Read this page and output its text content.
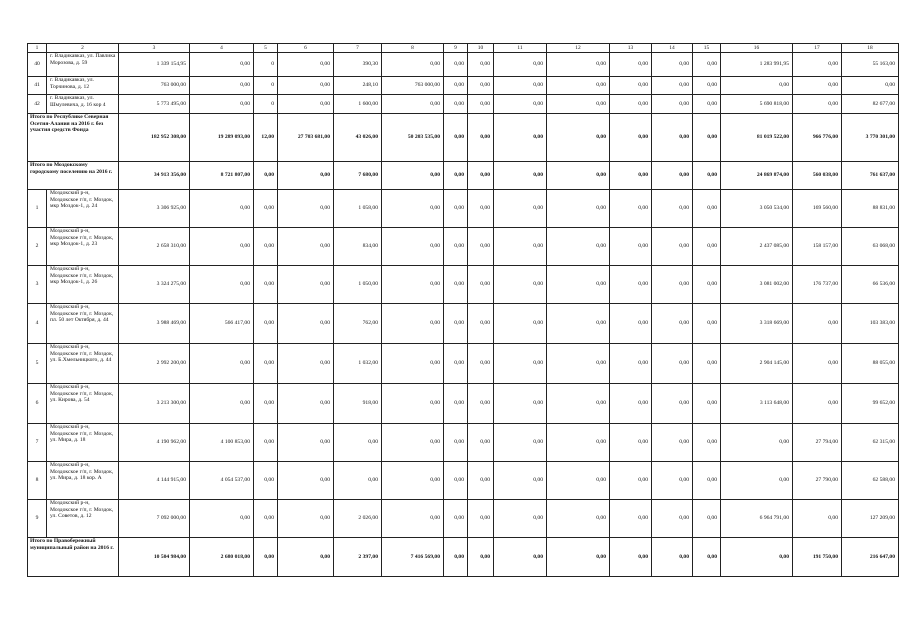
1	2	3	4	5	6	7	8	9	10	11	12	13	14	15	16	17	18
40	г. Владикавказ, ул. Павлика Морозова, д. 59	1 339 154,95	0,00	0	0,00	390,30	0,00	0,00	0,00	0,00	0,00	0,00	0,00	0,00	1 283 991,95	0,00	55 163,00
41	г. Владикавказ, ул. Торчинова, д. 12	763 000,00	0,00	0	0,00	248,10	763 000,00	0,00	0,00	0,00	0,00	0,00	0,00	0,00	0,00	0,00	0,00
42	г. Владикавказ, ул. Шмулевича, д. 16 кор 4	5 773 495,00	0,00	0	0,00	1 600,00	0,00	0,00	0,00	0,00	0,00	0,00	0,00	0,00	5 690 818,00	0,00	82 677,00
Итого по Республике Северная Осетия-Алания на 2016 г. без участия средств Фонда		182 952 308,00	19 289 093,00	12,00	27 703 681,00	43 026,00	50 203 535,00	0,00	0,00	0,00	0,00	0,00	0,00	0,00	81 019 522,00	966 776,00	3 770 301,00
Итого по Моздокскому городскому поселению на 2016 г.		34 913 356,00	8 721 807,00	0,00	0,00	7 680,00	0,00	0,00	0,00	0,00	0,00	0,00	0,00	0,00	24 869 874,00	560 038,00	761 637,00
1	Моздокский р-н, Моздокское г/п, г. Моздок, мкр Моздок-1, д. 24	3 306 925,00	0,00	0,00	0,00	1 058,00	0,00	0,00	0,00	0,00	0,00	0,00	0,00	0,00	3 050 534,00	169 560,00	88 831,00
2	Моздокский р-н, Моздокское г/п, г. Моздок, мкр Моздок-1, д. 23	2 658 310,00	0,00	0,00	0,00	834,00	0,00	0,00	0,00	0,00	0,00	0,00	0,00	0,00	2 437 085,00	158 157,00	63 068,00
3	Моздокский р-н, Моздокское г/п, г. Моздок, мкр Моздок-1, д. 26	3 324 275,00	0,00	0,00	0,00	1 050,00	0,00	0,00	0,00	0,00	0,00	0,00	0,00	0,00	3 081 002,00	176 737,00	66 536,00
4	Моздокский р-н, Моздокское г/п, г. Моздок, пл. 50 лет Октября, д. 44	3 988 469,00	566 417,00	0,00	0,00	762,00	0,00	0,00	0,00	0,00	0,00	0,00	0,00	0,00	3 318 669,00	0,00	103 383,00
5	Моздокский р-н, Моздокское г/п, г. Моздок, ул. Б.Хмельницкого, д. 44	2 992 200,00	0,00	0,00	0,00	1 032,00	0,00	0,00	0,00	0,00	0,00	0,00	0,00	0,00	2 904 145,00	0,00	88 055,00
6	Моздокский р-н, Моздокское г/п, г. Моздок, ул. Кирова, д. 54	3 213 300,00	0,00	0,00	0,00	918,00	0,00	0,00	0,00	0,00	0,00	0,00	0,00	0,00	3 113 648,00	0,00	99 652,00
7	Моздокский р-н, Моздокское г/п, г. Моздок, ул. Мира, д. 18	4 190 962,00	4 100 853,00	0,00	0,00	0,00	0,00	0,00	0,00	0,00	0,00	0,00	0,00	0,00	0,00	27 794,00	62 315,00
8	Моздокский р-н, Моздокское г/п, г. Моздок, ул. Мира, д. 18 кор. А	4 144 915,00	4 054 537,00	0,00	0,00	0,00	0,00	0,00	0,00	0,00	0,00	0,00	0,00	0,00	0,00	27 790,00	62 588,00
9	Моздокский р-н, Моздокское г/п, г. Моздок, ул. Советов, д. 12	7 092 000,00	0,00	0,00	0,00	2 026,00	0,00	0,00	0,00	0,00	0,00	0,00	0,00	0,00	6 964 791,00	0,00	127 209,00
Итого по Правобережный муниципальный район на 2016 г.		10 504 984,00	2 680 018,00	0,00	0,00	2 397,00	7 416 569,00	0,00	0,00	0,00	0,00	0,00	0,00	0,00	0,00	191 750,00	216 647,00
